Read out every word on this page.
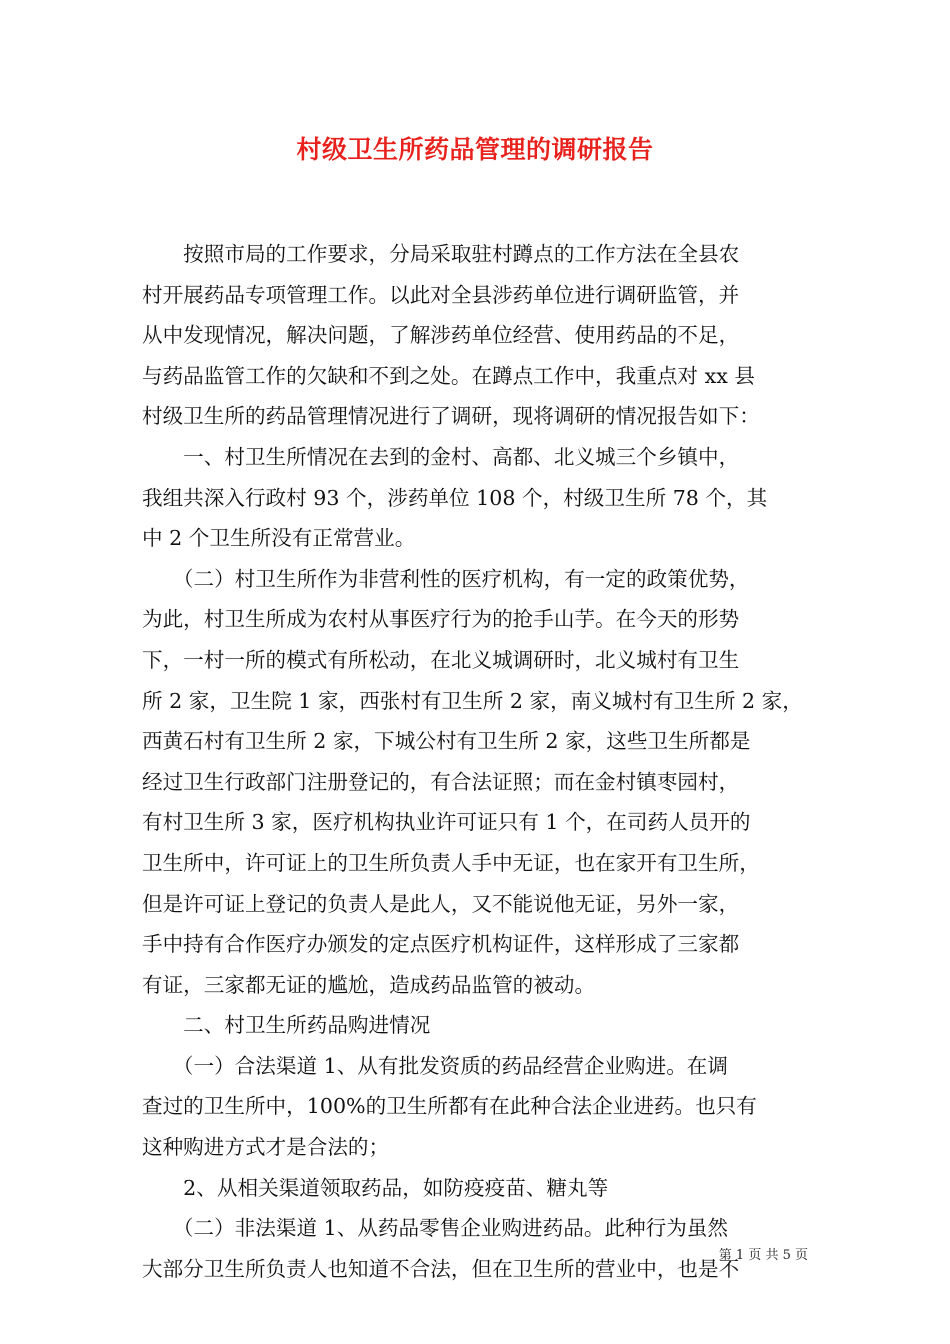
村级卫生所药品管理的调研报告
　　按照市局的工作要求，分局采取驻村蹲点的工作方法在全县农
村开展药品专项管理工作。以此对全县涉药单位进行调研监管，并
从中发现情况，解决问题，了解涉药单位经营、使用药品的不足，
与药品监管工作的欠缺和不到之处。在蹲点工作中，我重点对 xx 县
村级卫生所的药品管理情况进行了调研，现将调研的情况报告如下：
　　一、村卫生所情况在去到的金村、高都、北义城三个乡镇中，
我组共深入行政村 93 个，涉药单位 108 个，村级卫生所 78 个，其
中 2 个卫生所没有正常营业。
　　（二）村卫生所作为非营利性的医疗机构，有一定的政策优势，
为此，村卫生所成为农村从事医疗行为的抢手山芋。在今天的形势
下，一村一所的模式有所松动，在北义城调研时，北义城村有卫生
所 2 家，卫生院 1 家，西张村有卫生所 2 家，南义城村有卫生所 2 家，
西黄石村有卫生所 2 家，下城公村有卫生所 2 家，这些卫生所都是
经过卫生行政部门注册登记的，有合法证照；而在金村镇枣园村，
有村卫生所 3 家，医疗机构执业许可证只有 1 个，在司药人员开的
卫生所中，许可证上的卫生所负责人手中无证，也在家开有卫生所，
但是许可证上登记的负责人是此人，又不能说他无证，另外一家，
手中持有合作医疗办颁发的定点医疗机构证件，这样形成了三家都
有证，三家都无证的尴尬，造成药品监管的被动。
　　二、村卫生所药品购进情况
　　（一）合法渠道 1、从有批发资质的药品经营企业购进。在调
查过的卫生所中，100%的卫生所都有在此种合法企业进药。也只有
这种购进方式才是合法的；
　　2、从相关渠道领取药品，如防疫疫苗、糖丸等
　　（二）非法渠道 1、从药品零售企业购进药品。此种行为虽然
大部分卫生所负责人也知道不合法，但在卫生所的营业中，也是不
第 1 页 共 5 页
